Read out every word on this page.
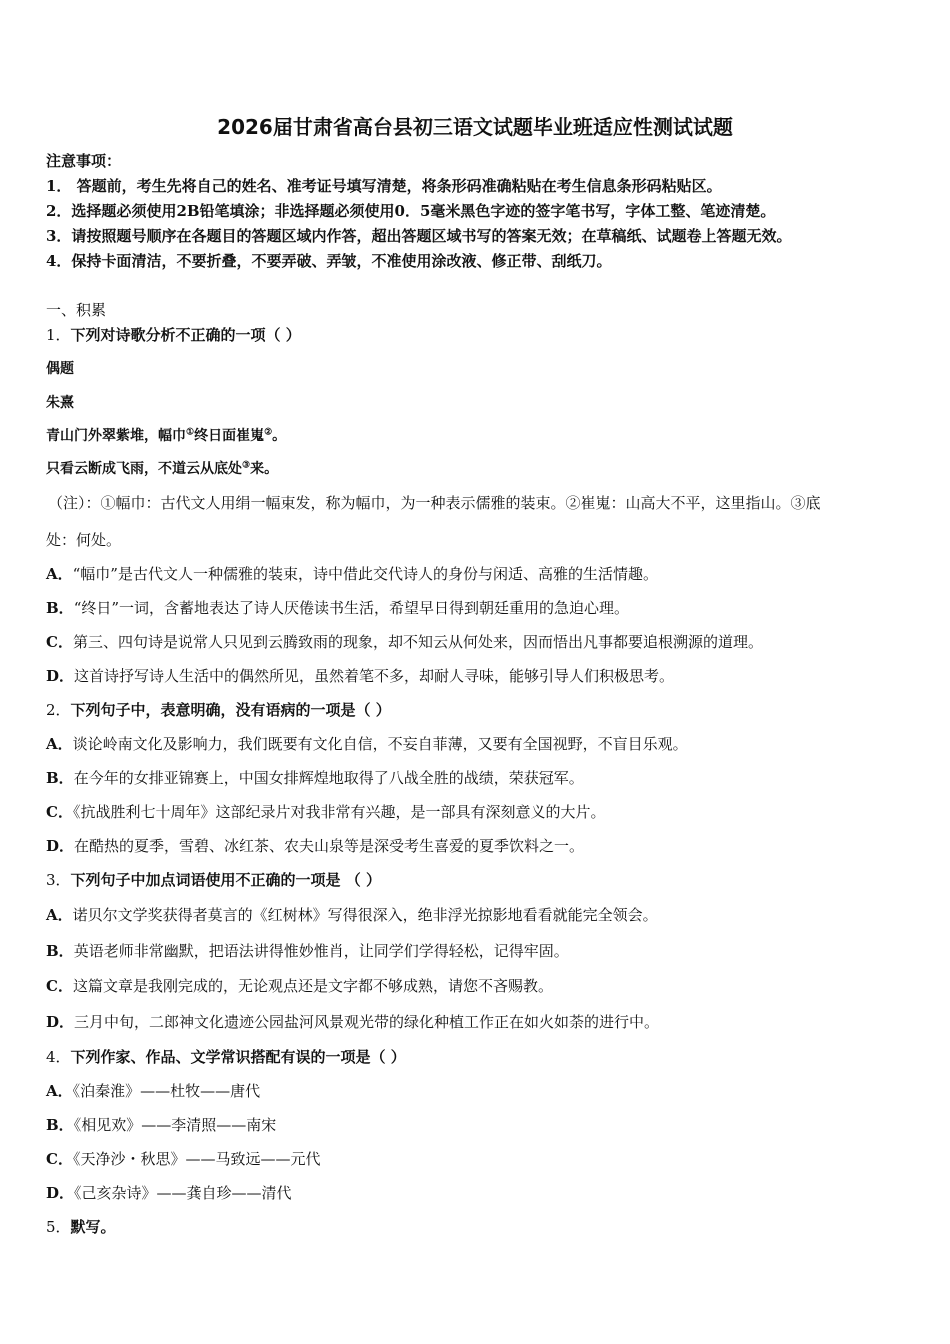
2026届甘肃省高台县初三语文试题毕业班适应性测试试题
注意事项：
1． 答题前，考生先将自己的姓名、准考证号填写清楚，将条形码准确粘贴在考生信息条形码粘贴区。
2．选择题必须使用2B铅笔填涂；非选择题必须使用0．5毫米黑色字迹的签字笔书写，字体工整、笔迹清楚。
3．请按照题号顺序在各题目的答题区域内作答，超出答题区域书写的答案无效；在草稿纸、试题卷上答题无效。
4．保持卡面清洁，不要折叠，不要弄破、弄皱，不准使用涂改液、修正带、刮纸刀。
一、积累
1．下列对诗歌分析不正确的一项（ ）
偶题
朱熹
青山门外翠紫堆，幅巾①终日面崔嵬②。
只看云断成飞雨，不道云从底处③来。
（注）：①幅巾：古代文人用绢一幅束发，称为幅巾，为一种表示儒雅的装束。②崔嵬：山高大不平，这里指山。③底
处：何处。
A．“幅巾”是古代文人一种儒雅的装束，诗中借此交代诗人的身份与闲适、高雅的生活情趣。
B．“终日”一词，含蓄地表达了诗人厌倦读书生活，希望早日得到朝廷重用的急迫心理。
C．第三、四句诗是说常人只见到云腾致雨的现象，却不知云从何处来，因而悟出凡事都要追根溯源的道理。
D．这首诗抒写诗人生活中的偶然所见，虽然着笔不多，却耐人寻味，能够引导人们积极思考。
2．下列句子中，表意明确，没有语病的一项是（ ）
A．谈论岭南文化及影响力，我们既要有文化自信，不妄自菲薄，又要有全国视野，不盲目乐观。
B．在今年的女排亚锦赛上，中国女排辉煌地取得了八战全胜的战绩，荣获冠军。
C．《抗战胜利七十周年》这部纪录片对我非常有兴趣，是一部具有深刻意义的大片。
D．在酷热的夏季，雪碧、冰红茶、农夫山泉等是深受考生喜爱的夏季饮料之一。
3．下列句子中加点词语使用不正确的一项是 （ ）
A．诺贝尔文学奖获得者莫言的《红树林》写得很深入，绝非浮光掠影地看看就能完全领会。
B．英语老师非常幽默，把语法讲得惟妙惟肖，让同学们学得轻松，记得牢固。
C．这篇文章是我刚完成的，无论观点还是文字都不够成熟，请您不吝赐教。
D．三月中旬，二郎神文化遗迹公园盐河风景观光带的绿化种植工作正在如火如荼的进行中。
4．下列作家、作品、文学常识搭配有误的一项是（ ）
A．《泊秦淮》——杜牧——唐代
B．《相见欢》——李清照——南宋
C．《天净沙・秋思》——马致远——元代
D．《己亥杂诗》——龚自珍——清代
5．默写。
